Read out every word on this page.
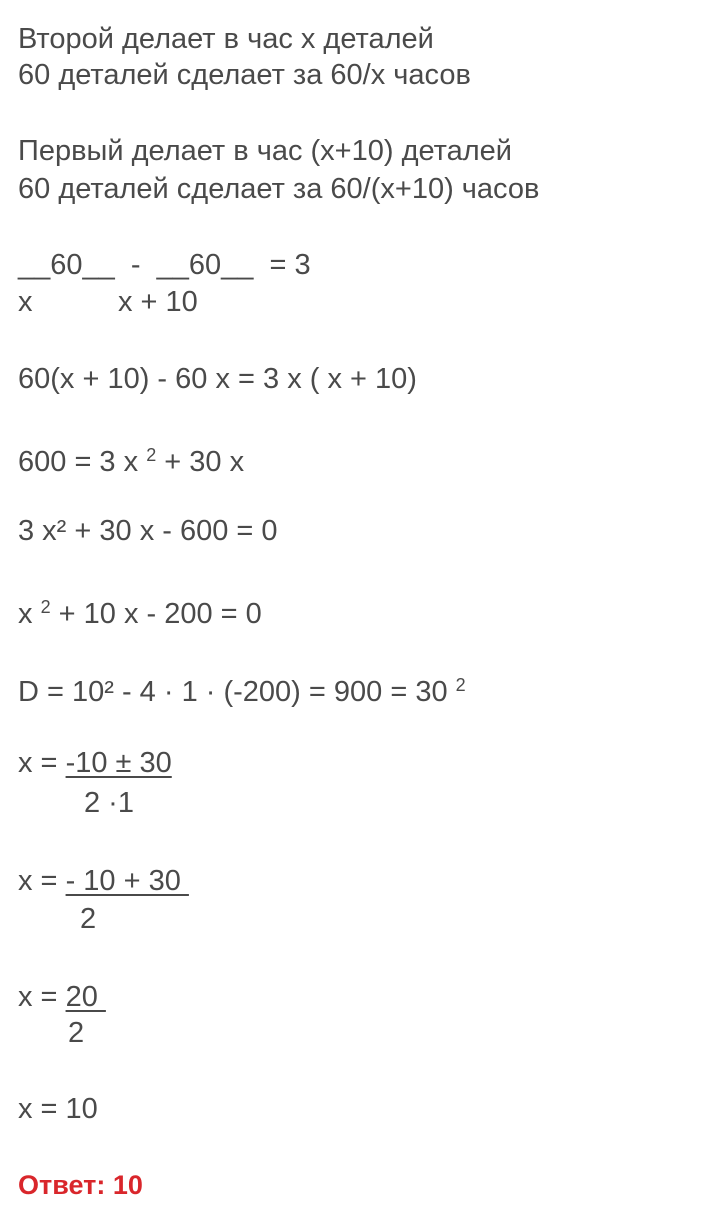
Второй делает в час х деталей
60 деталей сделает за 60/х часов
Первый делает в час (х+10) деталей
60 деталей сделает за 60/(х+10) часов
__60__  -  __60__  = 3
х	х + 10
60(х + 10) - 60 х = 3 х ( х + 10)
600 = 3 х $^2$ + 30 х
3 х² + 30 х - 600 = 0
х $^2$ + 10 х - 200 = 0
D = 10² - 4 · 1 · (-200) = 900 = 30 $^2$
х = -10 ± 30
2 ·1
х = - 10 + 30
2
х = 20
2
х = 10
Ответ: 10
